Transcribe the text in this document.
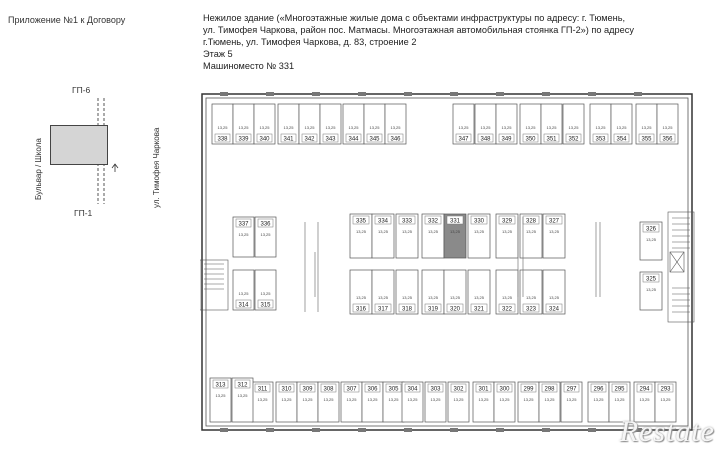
Приложение №1 к Договору	Нежилое здание («Многоэтажные жилые дома с объектами инфраструктуры по адресу: г. Тюмень,
ул. Тимофея Чаркова, район пос. Матмасы. Многоэтажная автомобильная стоянка ГП-2») по адресу
г.Тюмень, ул. Тимофея Чаркова, д. 83, строение 2
Этаж 5
Машиноместо № 331
ГП-6
ГП-1
Бульвар / Школа	ул. Тимофея Чаркова	338
13,25
339
13,25
340
13,25
341
13,25
342
13,25
343
13,25
344
13,25
345
13,25
346
13,25
347
13,25
348
13,25
349
13,25
350
13,25
351
13,25
352
13,25
353
13,25
354
13,25
355
13,25
356
13,25
311
13,25
310
13,25
309
13,25
308
13,25
307
13,25
306
13,25
305
13,25
304
13,25
303
13,25
302
13,25
301
13,25
300
13,25
299
13,25
298
13,25
297
13,25
296
13,25
295
13,25
294
13,25
293
13,25
313
13,25
312
13,25
337
13,25
336
13,25
314
13,25
315
13,25
335
13,25
334
13,25
333
13,25
332
13,25
331
13,25
330
13,25
329
13,25
328
13,25
327
13,25
316
13,25
317
13,25
318
13,25
319
13,25
320
13,25
321
13,25
322
13,25
323
13,25
324
13,25
326
13,25
325
13,25
Restate
